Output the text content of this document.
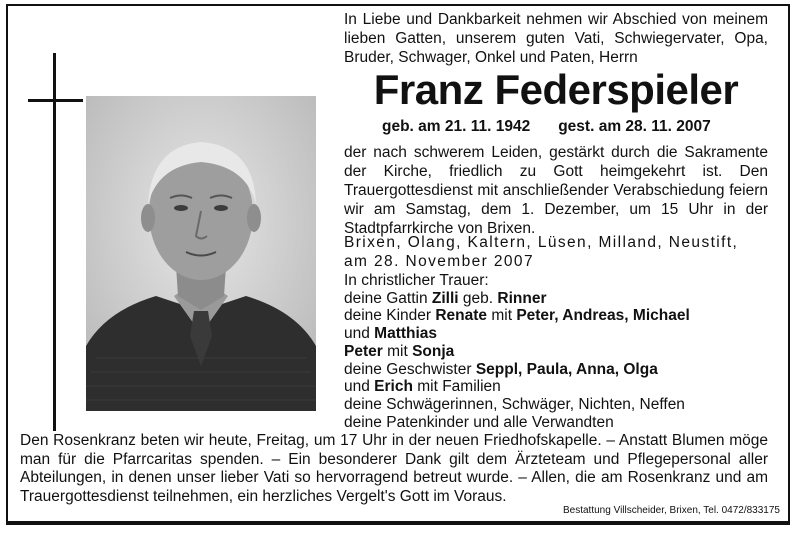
In Liebe und Dankbarkeit nehmen wir Abschied von meinem lieben Gatten, unserem guten Vati, Schwiegervater, Opa, Bruder, Schwager, Onkel und Paten, Herrn
Franz Federspieler
geb. am 21. 11. 1942 gest. am 28. 11. 2007
der nach schwerem Leiden, gestärkt durch die Sakramente der Kirche, friedlich zu Gott heimgekehrt ist. Den Trauergottesdienst mit anschließender Verabschiedung feiern wir am Samstag, dem 1. Dezember, um 15 Uhr in der Stadtpfarrkirche von Brixen.
Brixen, Olang, Kaltern, Lüsen, Milland, Neustift, am 28. November 2007
In christlicher Trauer:
deine Gattin Zilli geb. Rinner
deine Kinder Renate mit Peter, Andreas, Michael
und Matthias
Peter mit Sonja
deine Geschwister Seppl, Paula, Anna, Olga
und Erich mit Familien
deine Schwägerinnen, Schwäger, Nichten, Neffen
deine Patenkinder und alle Verwandten
Den Rosenkranz beten wir heute, Freitag, um 17 Uhr in der neuen Friedhofskapelle. – Anstatt Blumen möge man für die Pfarrcaritas spenden. – Ein besonderer Dank gilt dem Ärzteteam und Pflegepersonal aller Abteilungen, in denen unser lieber Vati so hervorragend betreut wurde. – Allen, die am Rosenkranz und am Trauergottesdienst teilnehmen, ein herzliches Vergelt's Gott im Voraus.
Bestattung Villscheider, Brixen, Tel. 0472/833175
